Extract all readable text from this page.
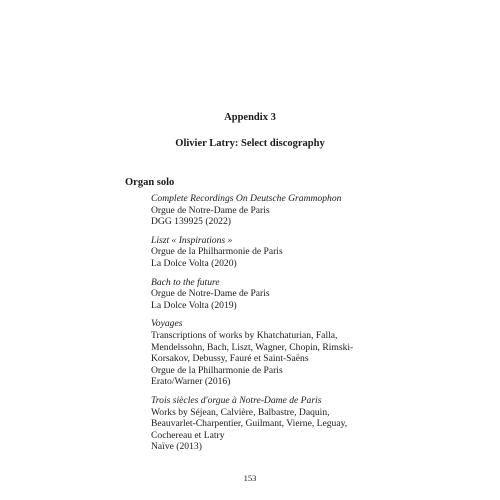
Appendix 3
Olivier Latry: Select discography
Organ solo
Complete Recordings On Deutsche Grammophon
Orgue de Notre-Dame de Paris
DGG 139925 (2022)
Liszt « Inspirations »
Orgue de la Philharmonie de Paris
La Dolce Volta (2020)
Bach to the future
Orgue de Notre-Dame de Paris
La Dolce Volta (2019)
Voyages
Transcriptions of works by Khatchaturian, Falla,
Mendelssohn, Bach, Liszt, Wagner, Chopin, Rimski-
Korsakov, Debussy, Fauré et Saint-Saëns
Orgue de la Philharmonie de Paris
Erato/Warner (2016)
Trois siècles d'orgue à Notre-Dame de Paris
Works by Séjean, Calvière, Balbastre, Daquin,
Beauvarlet-Charpentier, Guilmant, Vierne, Leguay,
Cochereau et Latry
Naïve (2013)
153
